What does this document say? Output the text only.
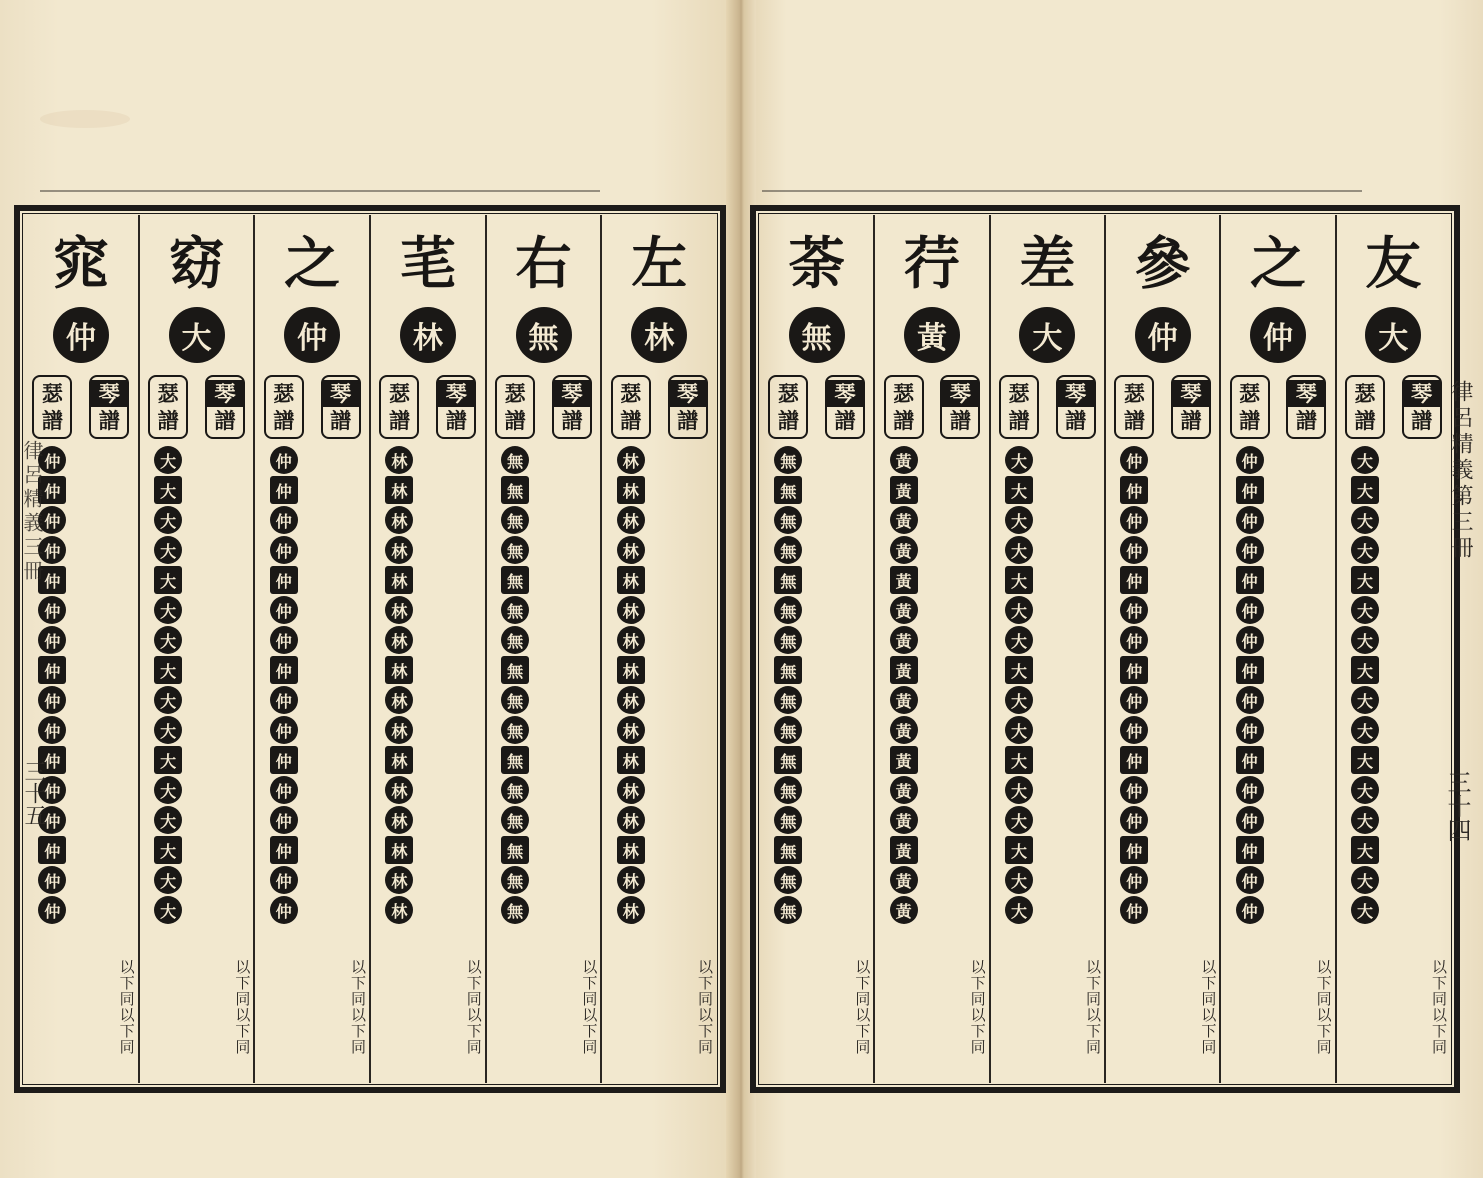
窕
仲
瑟
譜
仲
仲
仲
仲
仲
仲
仲
仲
仲
仲
仲
仲
仲
仲
仲
仲
琴
譜
以下同
以下同
窈
大
瑟
譜
大
大
大
大
大
大
大
大
大
大
大
大
大
大
大
大
琴
譜
以下同
以下同
之
仲
瑟
譜
仲
仲
仲
仲
仲
仲
仲
仲
仲
仲
仲
仲
仲
仲
仲
仲
琴
譜
以下同
以下同
芼
林
瑟
譜
林
林
林
林
林
林
林
林
林
林
林
林
林
林
林
林
琴
譜
以下同
以下同
右
無
瑟
譜
無
無
無
無
無
無
無
無
無
無
無
無
無
無
無
無
琴
譜
以下同
以下同
左
林
瑟
譜
林
林
林
林
林
林
林
林
林
林
林
林
林
林
林
林
琴
譜
以下同
以下同
荼
無
瑟
譜
無
無
無
無
無
無
無
無
無
無
無
無
無
無
無
無
琴
譜
以下同
以下同
荇
黃
瑟
譜
黃
黃
黃
黃
黃
黃
黃
黃
黃
黃
黃
黃
黃
黃
黃
黃
琴
譜
以下同
以下同
差
大
瑟
譜
大
大
大
大
大
大
大
大
大
大
大
大
大
大
大
大
琴
譜
以下同
以下同
參
仲
瑟
譜
仲
仲
仲
仲
仲
仲
仲
仲
仲
仲
仲
仲
仲
仲
仲
仲
琴
譜
以下同
以下同
之
仲
瑟
譜
仲
仲
仲
仲
仲
仲
仲
仲
仲
仲
仲
仲
仲
仲
仲
仲
琴
譜
以下同
以下同
友
大
瑟
譜
大
大
大
大
大
大
大
大
大
大
大
大
大
大
大
大
琴
譜
以下同
以下同
律呂精義第三冊
三十四
律呂精義三冊
三十五
